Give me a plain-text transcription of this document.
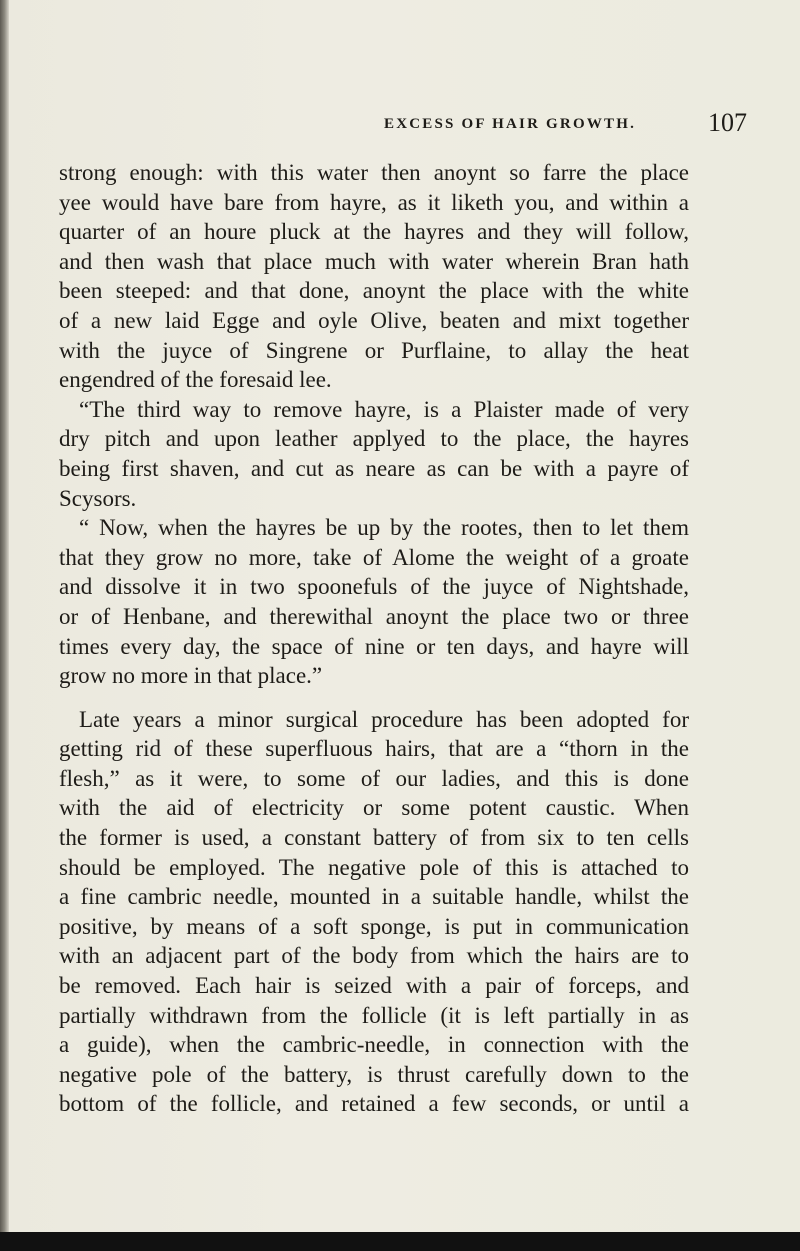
EXCESS OF HAIR GROWTH.	107
strong enough: with this water then anoynt so farre the place
yee would have bare from hayre, as it liketh you, and within a
quarter of an houre pluck at the hayres and they will follow,
and then wash that place much with water wherein Bran hath
been steeped: and that done, anoynt the place with the white
of a new laid Egge and oyle Olive, beaten and mixt together
with the juyce of Singrene or Purflaine, to allay the heat
engendred of the foresaid lee.
“The third way to remove hayre, is a Plaister made of very
dry pitch and upon leather applyed to the place, the hayres
being first shaven, and cut as neare as can be with a payre of
Scysors.
“ Now, when the hayres be up by the rootes, then to let them
that they grow no more, take of Alome the weight of a groate
and dissolve it in two spoonefuls of the juyce of Nightshade,
or of Henbane, and therewithal anoynt the place two or three
times every day, the space of nine or ten days, and hayre will
grow no more in that place.”
Late years a minor surgical procedure has been adopted for
getting rid of these superfluous hairs, that are a “thorn in the
flesh,” as it were, to some of our ladies, and this is done
with the aid of electricity or some potent caustic. When
the former is used, a constant battery of from six to ten cells
should be employed. The negative pole of this is attached to
a fine cambric needle, mounted in a suitable handle, whilst the
positive, by means of a soft sponge, is put in communication
with an adjacent part of the body from which the hairs are to
be removed. Each hair is seized with a pair of forceps, and
partially withdrawn from the follicle (it is left partially in as
a guide), when the cambric-needle, in connection with the
negative pole of the battery, is thrust carefully down to the
bottom of the follicle, and retained a few seconds, or until a
